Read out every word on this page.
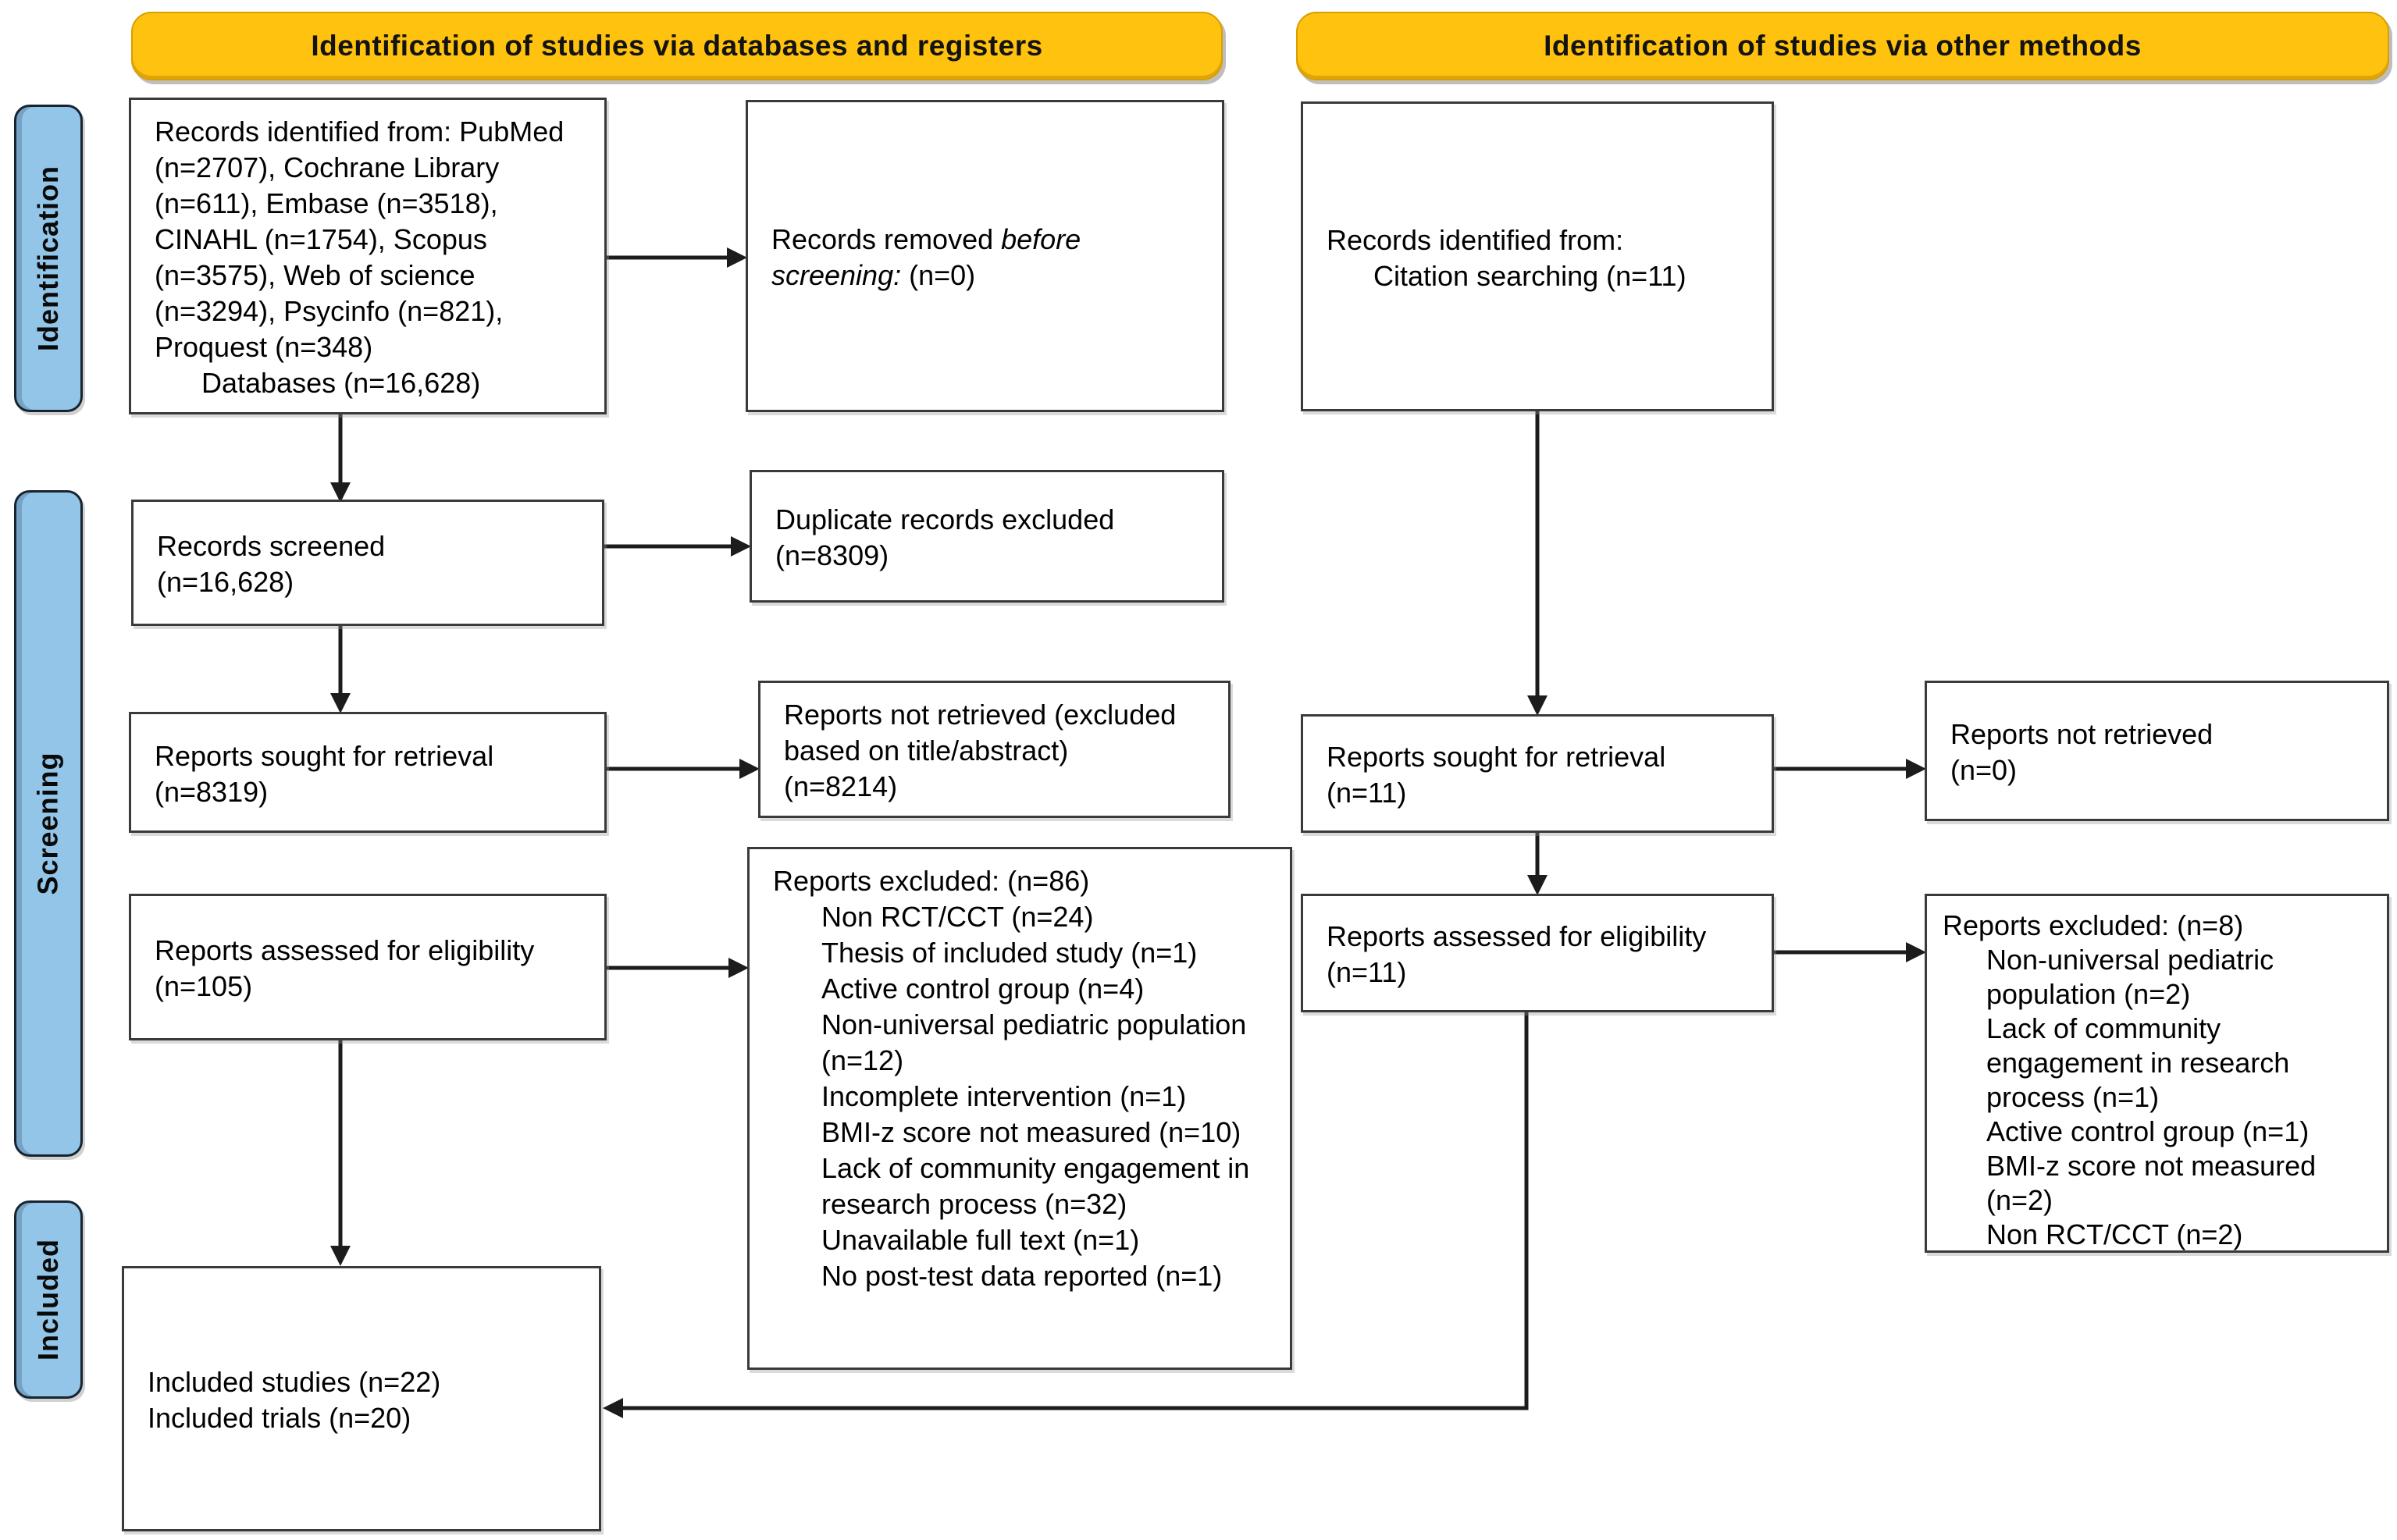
Identification of studies via databases and registers	Identification of studies via other methods
Identification
Screening
Included
Records identified from: PubMed (n=2707), Cochrane Library (n=611), Embase (n=3518), CINAHL (n=1754), Scopus (n=3575), Web of science (n=3294), Psycinfo (n=821), Proquest (n=348)
Databases (n=16,628)
Records removed before screening: (n=0)
Records screened
(n=16,628)
Duplicate records excluded
(n=8309)
Reports sought for retrieval
(n=8319)
Reports not retrieved (excluded based on title/abstract)
(n=8214)
Reports assessed for eligibility
(n=105)
Reports excluded: (n=86)
Non RCT/CCT (n=24)
Thesis of included study (n=1)
Active control group (n=4)
Non-universal pediatric population (n=12)
Incomplete intervention (n=1)
BMI-z score not measured (n=10)
Lack of community engagement in research process (n=32)
Unavailable full text (n=1)
No post-test data reported (n=1)
Included studies (n=22)
Included trials (n=20)
Records identified from:
Citation searching (n=11)
Reports sought for retrieval
(n=11)
Reports not retrieved
(n=0)
Reports assessed for eligibility
(n=11)
Reports excluded: (n=8)
Non-universal pediatric population (n=2)
Lack of community engagement in research process (n=1)
Active control group (n=1)
BMI-z score not measured (n=2)
Non RCT/CCT (n=2)
